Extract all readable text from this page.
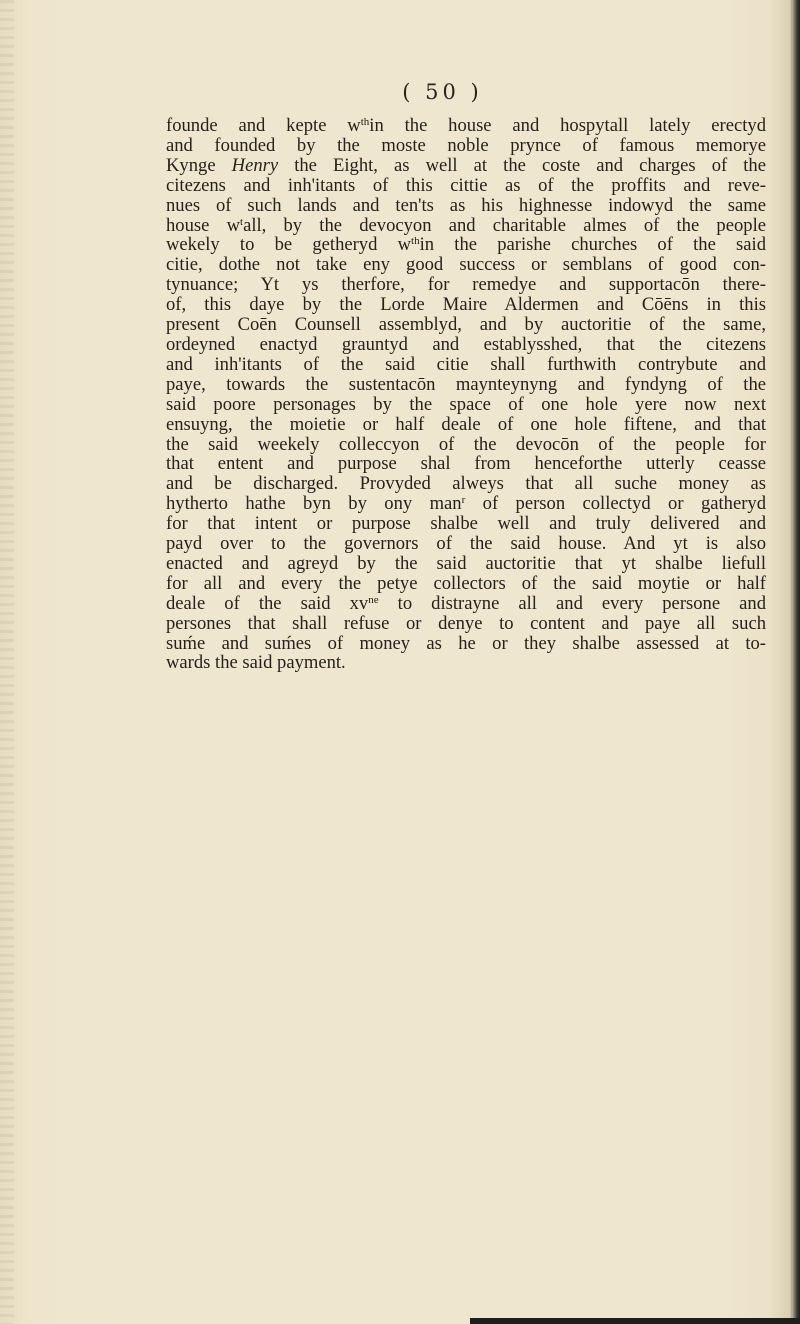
( 50 )
founde and kepte $w^{th}in$ the house and hospytall lately erectyd
and founded by the moste noble prynce of famous memorye
Kynge Henry the Eight, as well at the coste and charges of the
citezens and inh'itants of this cittie as of the proffits and reve-
nues of such lands and ten'ts as his highnesse indowyd the same
house $w^tall$, by the devocyon and charitable almes of the people
wekely to be getheryd $w^{th}in$ the parishe churches of the said
citie, dothe not take eny good success or semblans of good con-
tynuance; Yt ys therfore, for remedye and supportacōn there-
of, this daye by the Lorde Maire Aldermen and Cōēns in this
present Coēn Counsell assemblyd, and by auctoritie of the same,
ordeyned enactyd grauntyd and establysshed, that the citezens
and inh'itants of the said citie shall furthwith contrybute and
paye, towards the sustentacōn maynteynyng and fyndyng of the
said poore personages by the space of one hole yere now next
ensuyng, the moietie or half deale of one hole fiftene, and that
the said weekely colleccyon of the devocōn of the people for
that entent and purpose shal from henceforthe utterly ceasse
and be discharged. Provyded alweys that all suche money as
hytherto hathe byn by ony man$^r$ of person collectyd or gatheryd
for that intent or purpose shalbe well and truly delivered and
payd over to the governors of the said house. And yt is also
enacted and agreyd by the said auctoritie that yt shalbe liefull
for all and every the petye collectors of the said moytie or half
deale of the said $xv^{ne}$ to distrayne all and every persone and
persones that shall refuse or denye to content and paye all such
suḿe and suḿes of money as he or they shalbe assessed at to-
wards the said payment.
